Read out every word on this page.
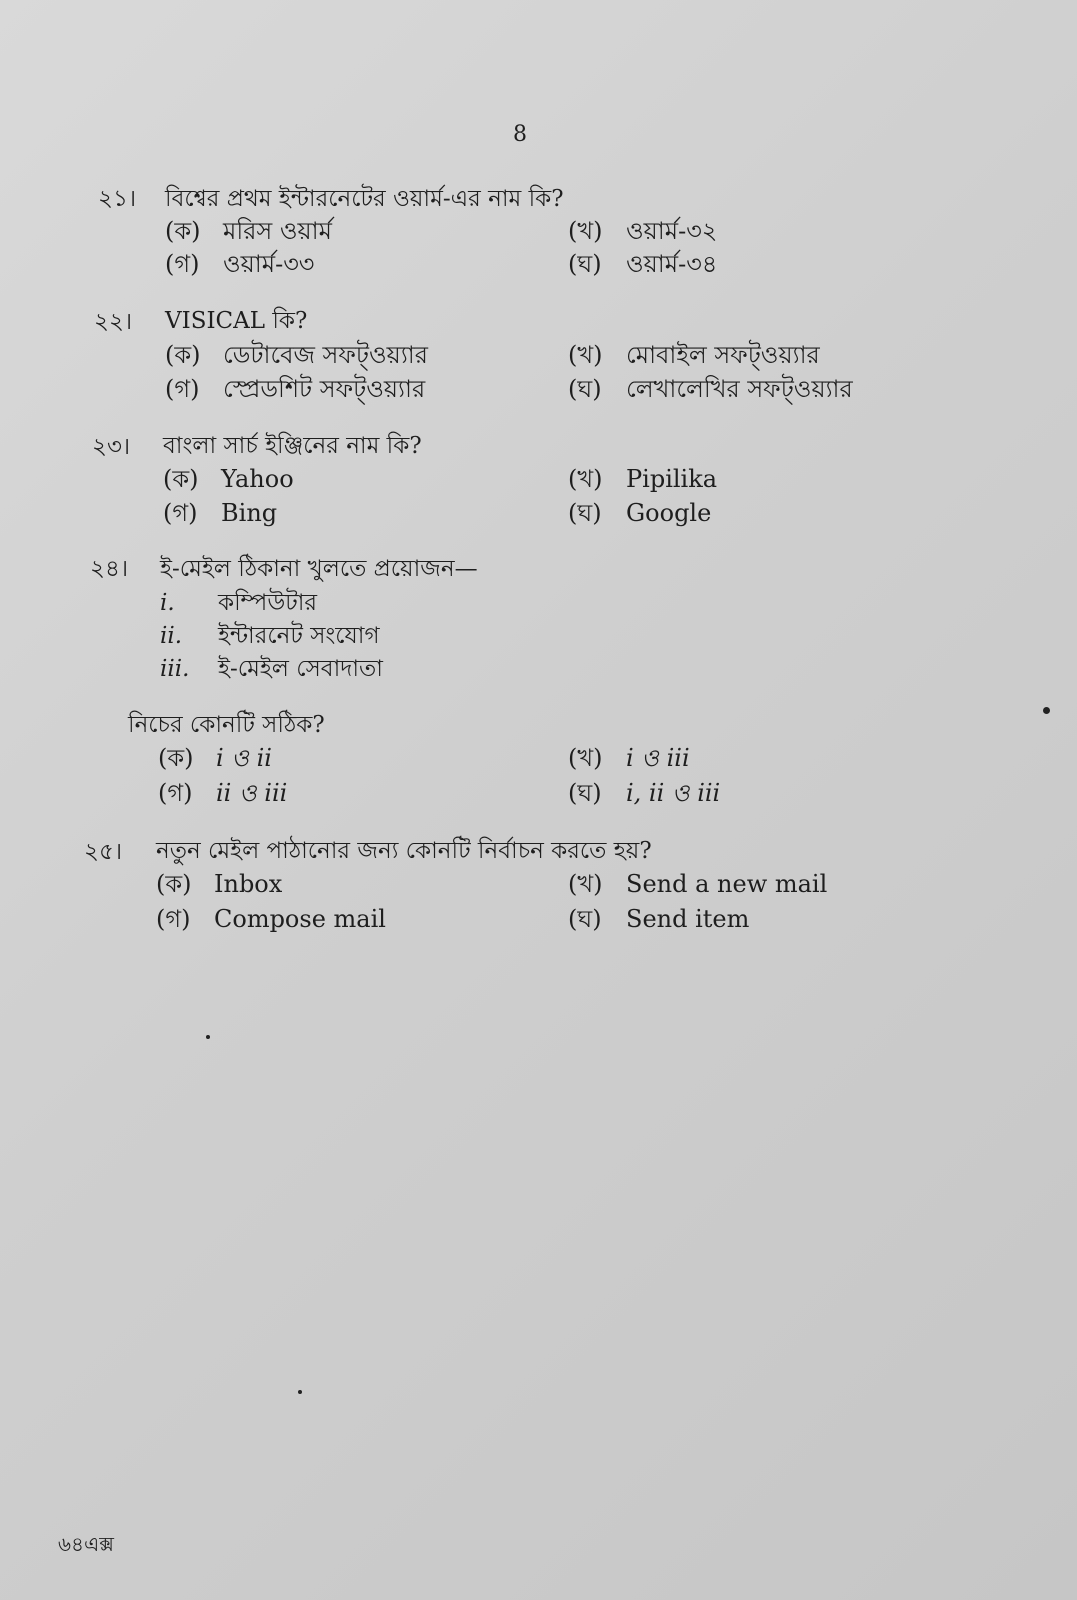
8
২১। বিশ্বের প্রথম ইন্টারনেটের ওয়ার্ম-এর নাম কি?
(ক) মরিস ওয়ার্ম	(খ) ওয়ার্ম-৩২
(গ) ওয়ার্ম-৩৩	(ঘ) ওয়ার্ম-৩৪
২২। VISICAL কি?
(ক) ডেটাবেজ সফট্ওয়্যার	(খ) মোবাইল সফট্ওয়্যার
(গ) স্প্রেডশিট সফট্ওয়্যার	(ঘ) লেখালেখির সফট্ওয়্যার
২৩। বাংলা সার্চ ইঞ্জিনের নাম কি?
(ক) Yahoo	(খ) Pipilika
(গ) Bing	(ঘ) Google
২৪। ই-মেইল ঠিকানা খুলতে প্রয়োজন—
i. কম্পিউটার
ii. ইন্টারনেট সংযোগ
iii. ই-মেইল সেবাদাতা
নিচের কোনটি সঠিক?
(ক) i ও ii	(খ) i ও iii
(গ) ii ও iii	(ঘ) i, ii ও iii
২৫। নতুন মেইল পাঠানোর জন্য কোনটি নির্বাচন করতে হয়?
(ক) Inbox	(খ) Send a new mail
(গ) Compose mail	(ঘ) Send item
৬৪এক্স
